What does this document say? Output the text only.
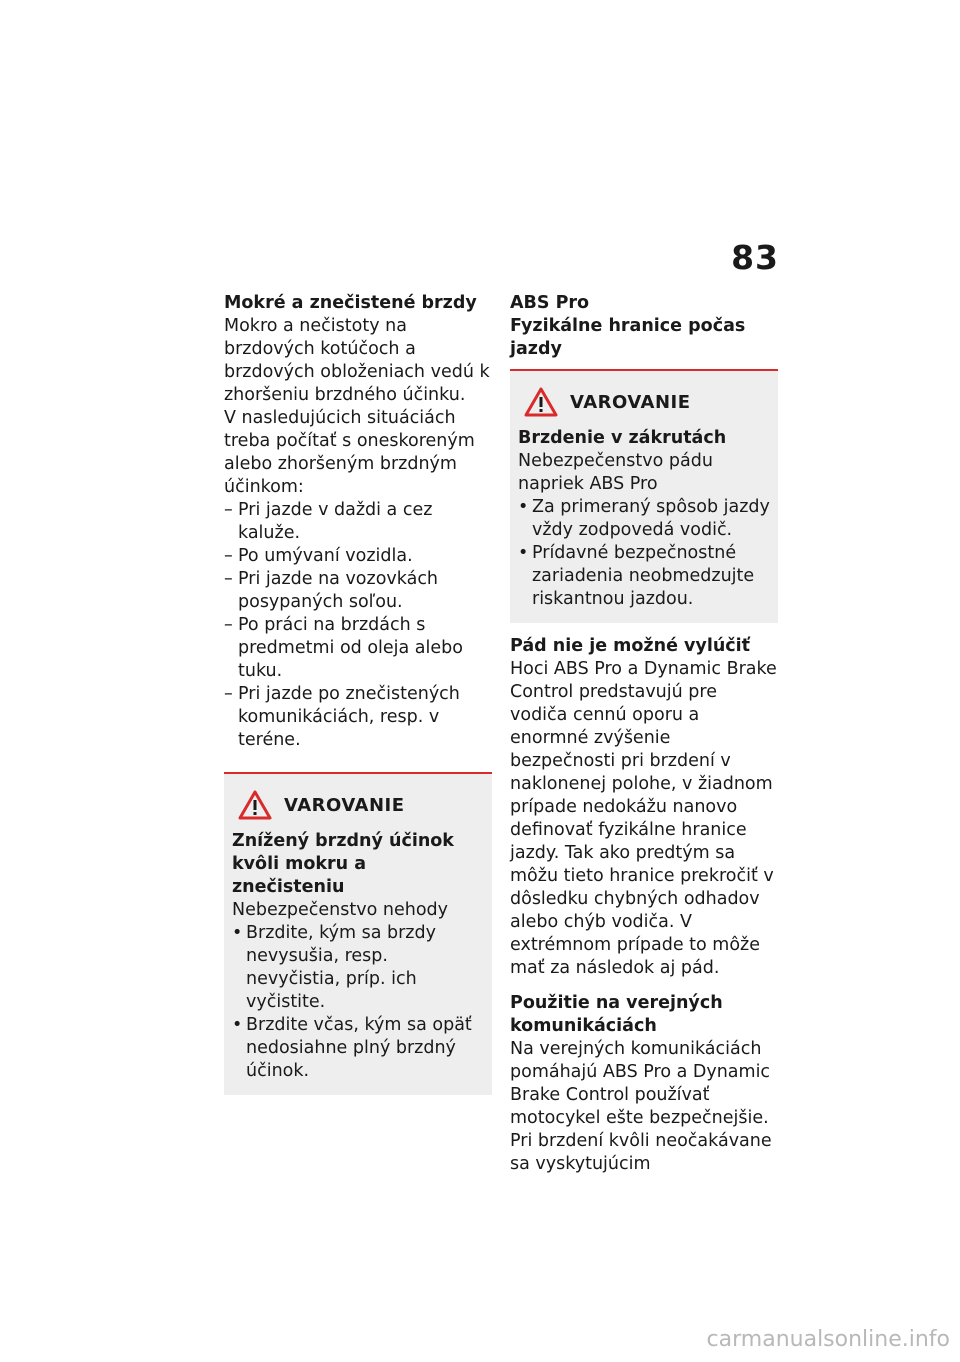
83

Mokré a znečistené brzdy

Mokro a nečistoty na brzdových kotúčoch a brzdových obloženiach vedú k zhoršeniu brzdného účinku.

V nasledujúcich situáciách treba počítať s oneskoreným alebo zhoršeným brzdným účinkom:

– Pri jazde v daždi a cez kaluže.
– Po umývaní vozidla.
– Pri jazde na vozovkách posypaných soľou.
– Po práci na brzdách s predmetmi od oleja alebo tuku.
– Pri jazde po znečistených komunikáciách, resp. v teréne.
VAROVANIE

Znížený brzdný účinok kvôli mokru a znečisteniu

Nebezpečenstvo nehody

• Brzdite, kým sa brzdy nevysušia, resp. nevyčistia, príp. ich vyčistite.
• Brzdite včas, kým sa opäť nedosiahne plný brzdný účinok.

ABS Pro

Fyzikálne hranice počas jazdy

VAROVANIE

Brzdenie v zákrutách

Nebezpečenstvo pádu napriek ABS Pro

• Za primeraný spôsob jazdy vždy zodpovedá vodič.
• Prídavné bezpečnostné zariadenia neobmedzujte riskantnou jazdou.

Pád nie je možné vylúčiť

Hoci ABS Pro a Dynamic Brake Control predstavujú pre vodiča cennú oporu a enormné zvýšenie bezpečnosti pri brzdení v naklonenej polohe, v žiadnom prípade nedokážu nanovo definovať fyzikálne hranice jazdy. Tak ako predtým sa môžu tieto hranice prekročiť v dôsledku chybných odhadov alebo chýb vodiča. V extrémnom prípade to môže mať za následok aj pád.

Použitie na verejných komunikáciách

Na verejných komunikáciách pomáhajú ABS Pro a Dynamic Brake Control používať motocykel ešte bezpečnejšie. Pri brzdení kvôli neočakávane sa vyskytujúcim

carmanualsonline.info
